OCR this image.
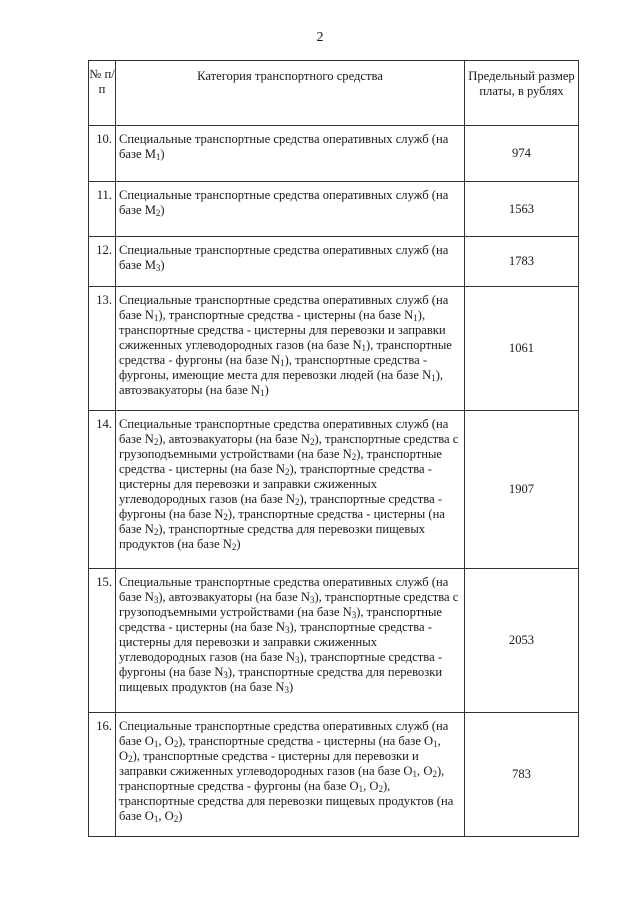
2
№ п/п	Категория транспортного средства	Предельный размер платы, в рублях
10.	Специальные транспортные средства оперативных служб (на базе $M_1$)	974
11.	Специальные транспортные средства оперативных служб (на базе $M_2$)	1563
12.	Специальные транспортные средства оперативных служб (на базе $M_3$)	1783
13.	Специальные транспортные средства оперативных служб (на базе $N_1$), транспортные средства - цистерны (на базе $N_1$), транспортные средства - цистерны для перевозки и заправки сжиженных углеводородных газов (на базе $N_1$), транспортные средства - фургоны (на базе $N_1$), транспортные средства - фургоны, имеющие места для перевозки людей (на базе $N_1$), автоэвакуаторы (на базе $N_1$)	1061
14.	Специальные транспортные средства оперативных служб (на базе $N_2$), автоэвакуаторы (на базе $N_2$), транспортные средства с грузоподъемными устройствами (на базе $N_2$), транспортные средства - цистерны (на базе $N_2$), транспортные средства - цистерны для перевозки и заправки сжиженных углеводородных газов (на базе $N_2$), транспортные средства - фургоны (на базе $N_2$), транспортные средства - цистерны (на базе $N_2$), транспортные средства для перевозки пищевых продуктов (на базе $N_2$)	1907
15.	Специальные транспортные средства оперативных служб (на базе $N_3$), автоэвакуаторы (на базе $N_3$), транспортные средства с грузоподъемными устройствами (на базе $N_3$), транспортные средства - цистерны (на базе $N_3$), транспортные средства - цистерны для перевозки и заправки сжиженных углеводородных газов (на базе $N_3$), транспортные средства - фургоны (на базе $N_3$), транспортные средства для перевозки пищевых продуктов (на базе $N_3$)	2053
16.	Специальные транспортные средства оперативных служб (на базе $O_1$, $O_2$), транспортные средства - цистерны (на базе $O_1$, $O_2$), транспортные средства - цистерны для перевозки и заправки сжиженных углеводородных газов (на базе $O_1$, $O_2$), транспортные средства - фургоны (на базе $O_1$, $O_2$), транспортные средства для перевозки пищевых продуктов (на базе $O_1$, $O_2$)	783
